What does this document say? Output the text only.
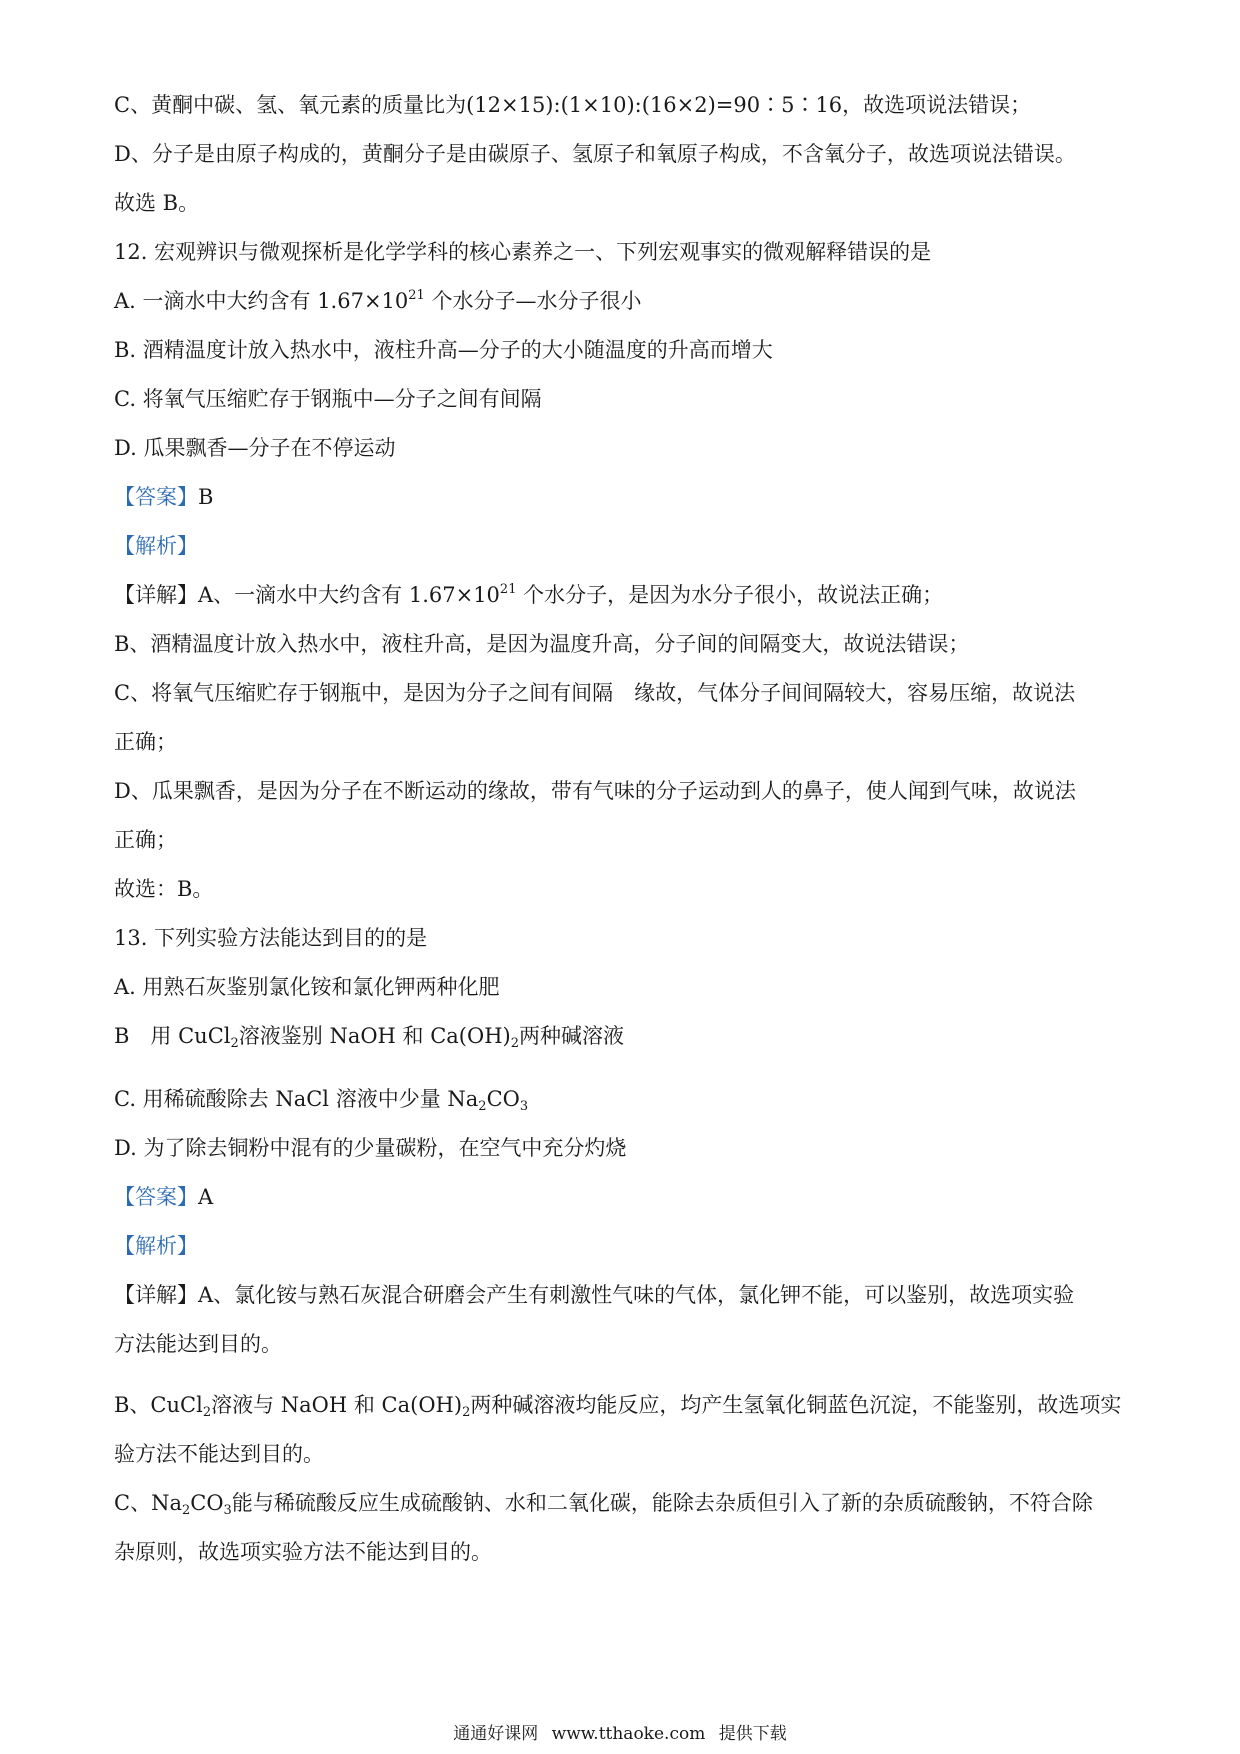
C、黄酮中碳、氢、氧元素的质量比为(12×15):(1×10):(16×2)=90∶5∶16，故选项说法错误；
D、分子是由原子构成的，黄酮分子是由碳原子、氢原子和氧原子构成，不含氧分子，故选项说法错误。
故选 B。
12. 宏观辨识与微观探析是化学学科的核心素养之一、下列宏观事实的微观解释错误的是
A. 一滴水中大约含有 $1.67\times 10^{21}$ 个水分子—水分子很小
B. 酒精温度计放入热水中，液柱升高—分子的大小随温度的升高而增大
C. 将氧气压缩贮存于钢瓶中—分子之间有间隔
D. 瓜果飘香—分子在不停运动
【答案】B
【解析】
【详解】A、一滴水中大约含有 $1.67\times 10^{21}$ 个水分子，是因为水分子很小，故说法正确；
B、酒精温度计放入热水中，液柱升高，是因为温度升高，分子间的间隔变大，故说法错误；
C、将氧气压缩贮存于钢瓶中，是因为分子之间有间隔　缘故，气体分子间间隔较大，容易压缩，故说法
正确；
D、瓜果飘香，是因为分子在不断运动的缘故，带有气味的分子运动到人的鼻子，使人闻到气味，故说法
正确；
故选：B。
13. 下列实验方法能达到目的的是
A. 用熟石灰鉴别氯化铵和氯化钾两种化肥
B　用 CuCl$_2$溶液鉴别 NaOH 和 $Ca(OH)_2$两种碱溶液
C. 用稀硫酸除去 NaCl 溶液中少量 $Na_2CO_3$
D. 为了除去铜粉中混有的少量碳粉，在空气中充分灼烧
【答案】A
【解析】
【详解】A、氯化铵与熟石灰混合研磨会产生有刺激性气味的气体，氯化钾不能，可以鉴别，故选项实验
方法能达到目的。
B、CuCl$_2$溶液与 NaOH 和 $Ca(OH)_2$两种碱溶液均能反应，均产生氢氧化铜蓝色沉淀，不能鉴别，故选项实
验方法不能达到目的。
C、$Na_2CO_3$能与稀硫酸反应生成硫酸钠、水和二氧化碳，能除去杂质但引入了新的杂质硫酸钠，不符合除
杂原则，故选项实验方法不能达到目的。
通通好课网 www.tthaoke.com 提供下载
